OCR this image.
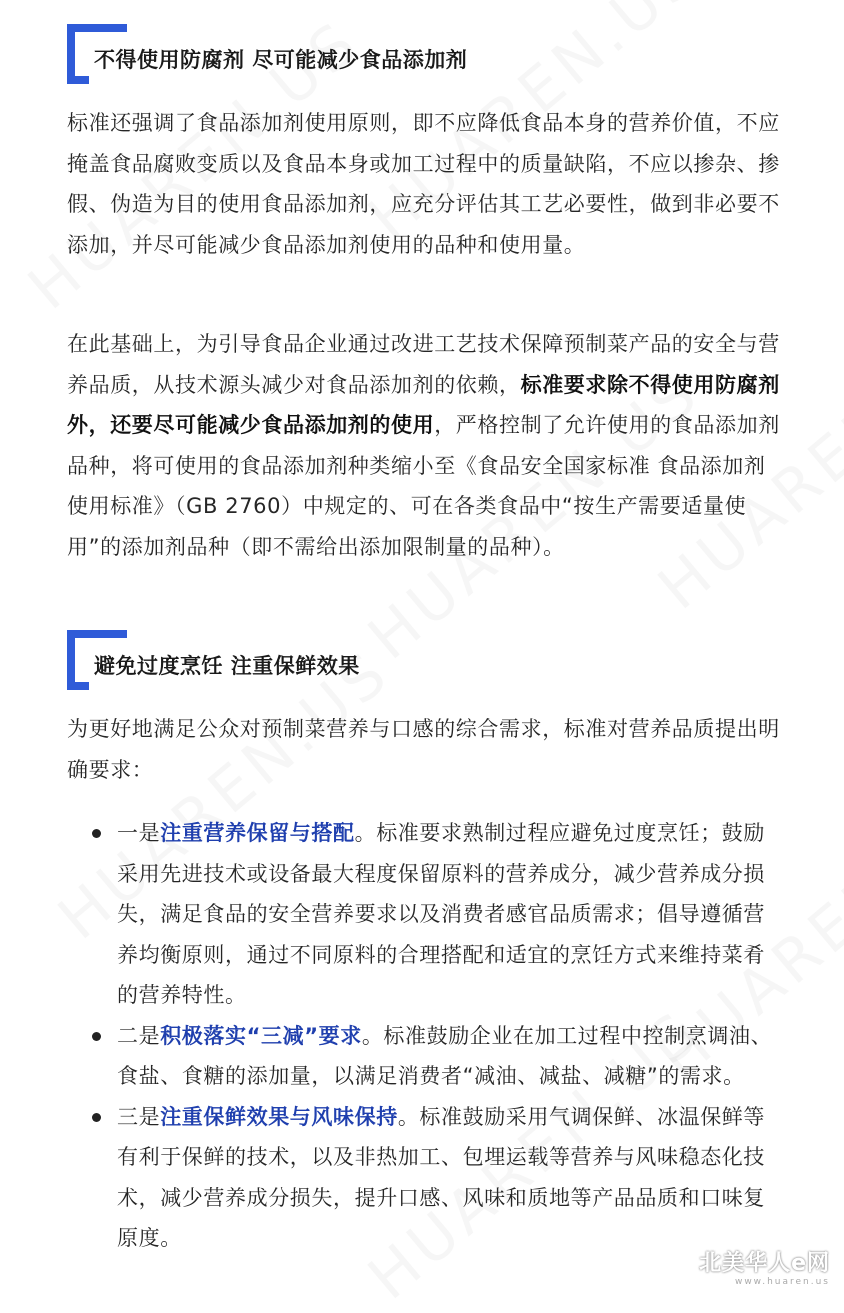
不得使用防腐剂 尽可能减少食品添加剂

标准还强调了食品添加剂使用原则，即不应降低食品本身的营养价值，不应掩盖食品腐败变质以及食品本身或加工过程中的质量缺陷，不应以掺杂、掺假、伪造为目的使用食品添加剂，应充分评估其工艺必要性，做到非必要不添加，并尽可能减少食品添加剂使用的品种和使用量。

在此基础上，为引导食品企业通过改进工艺技术保障预制菜产品的安全与营养品质，从技术源头减少对食品添加剂的依赖，标准要求除不得使用防腐剂外，还要尽可能减少食品添加剂的使用，严格控制了允许使用的食品添加剂品种，将可使用的食品添加剂种类缩小至《食品安全国家标准 食品添加剂使用标准》（GB 2760）中规定的、可在各类食品中“按生产需要适量使用”的添加剂品种（即不需给出添加限制量的品种）。

避免过度烹饪 注重保鲜效果

为更好地满足公众对预制菜营养与口感的综合需求，标准对营养品质提出明确要求：

一是注重营养保留与搭配。标准要求熟制过程应避免过度烹饪；鼓励采用先进技术或设备最大程度保留原料的营养成分，减少营养成分损失，满足食品的安全营养要求以及消费者感官品质需求；倡导遵循营养均衡原则，通过不同原料的合理搭配和适宜的烹饪方式来维持菜肴的营养特性。
二是积极落实“三减”要求。标准鼓励企业在加工过程中控制烹调油、食盐、食糖的添加量，以满足消费者“减油、减盐、减糖”的需求。
三是注重保鲜效果与风味保持。标准鼓励采用气调保鲜、冰温保鲜等有利于保鲜的技术，以及非热加工、包埋运载等营养与风味稳态化技术，减少营养成分损失，提升口感、风味和质地等产品品质和口味复原度。
北美华人e网
www.huaren.us
